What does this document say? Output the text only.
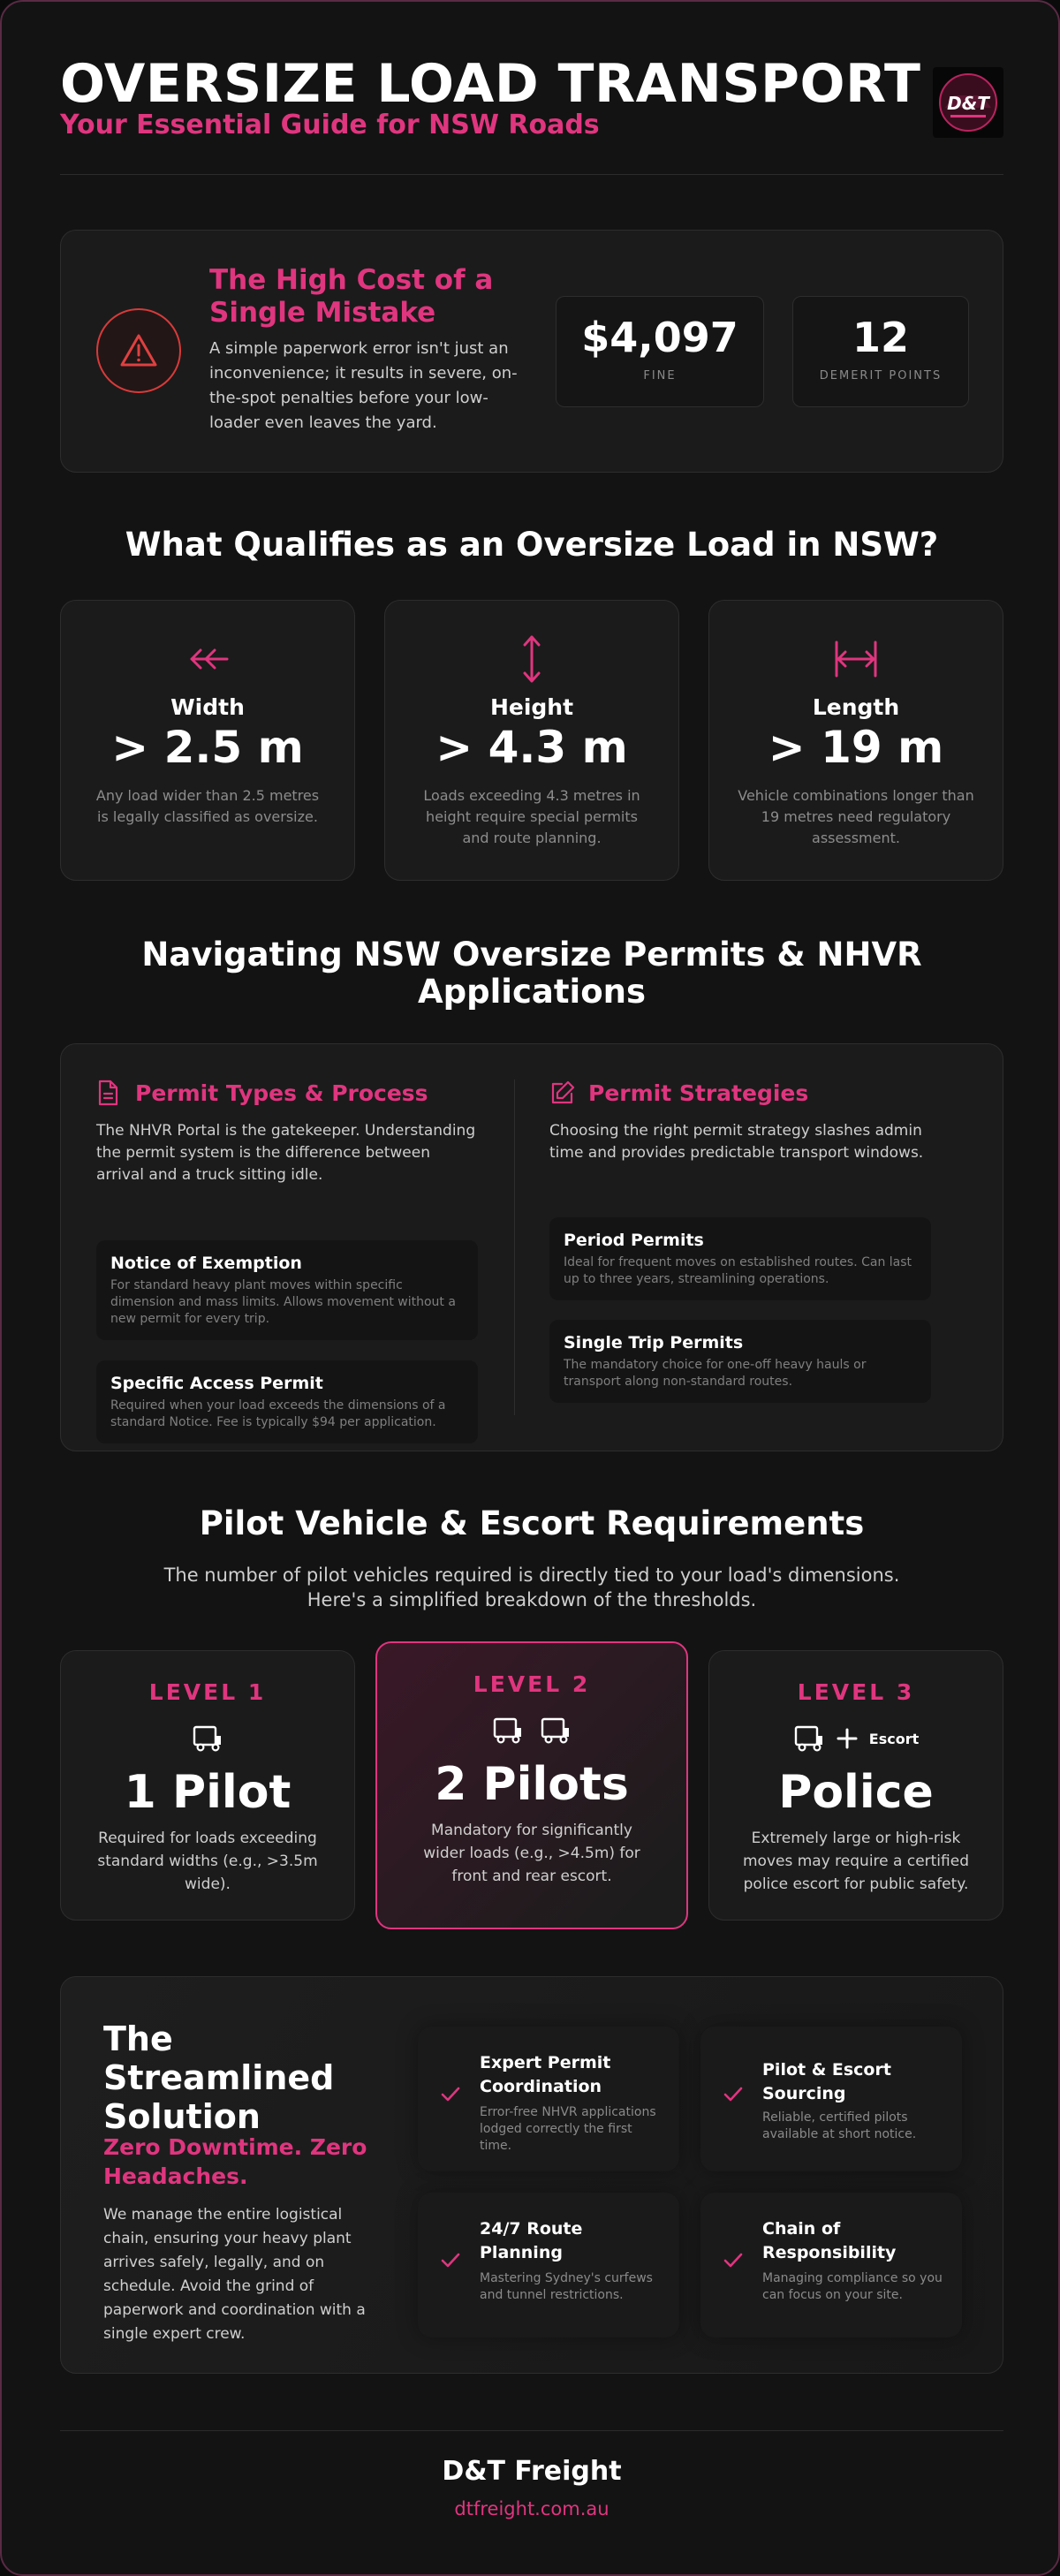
OVERSIZE LOAD TRANSPORT
Your Essential Guide for NSW Roads
D&T
The High Cost of a Single Mistake
A simple paperwork error isn't just an inconvenience; it results in severe, on-the-spot penalties before your low-loader even leaves the yard.
$4,097
FINE
12
DEMERIT POINTS
What Qualifies as an Oversize Load in NSW?
Width
> 2.5 m
Any load wider than 2.5 metres is legally classified as oversize.
Height
> 4.3 m
Loads exceeding 4.3 metres in height require special permits and route planning.
Length
> 19 m
Vehicle combinations longer than 19 metres need regulatory assessment.
Navigating NSW Oversize Permits & NHVR Applications
Permit Types & Process
The NHVR Portal is the gatekeeper. Understanding the permit system is the difference between arrival and a truck sitting idle.
Notice of Exemption
For standard heavy plant moves within specific dimension and mass limits. Allows movement without a new permit for every trip.
Specific Access Permit
Required when your load exceeds the dimensions of a standard Notice. Fee is typically $94 per application.
Permit Strategies
Choosing the right permit strategy slashes admin time and provides predictable transport windows.
Period Permits
Ideal for frequent moves on established routes. Can last up to three years, streamlining operations.
Single Trip Permits
The mandatory choice for one-off heavy hauls or transport along non-standard routes.
Pilot Vehicle & Escort Requirements
The number of pilot vehicles required is directly tied to your load's dimensions. Here's a simplified breakdown of the thresholds.
LEVEL 1
1 Pilot
Required for loads exceeding standard widths (e.g., >3.5m wide).
LEVEL 2
2 Pilots
Mandatory for significantly wider loads (e.g., >4.5m) for front and rear escort.
LEVEL 3
Escort
Police
Extremely large or high-risk moves may require a certified police escort for public safety.
The Streamlined Solution
Zero Downtime. Zero Headaches.
We manage the entire logistical chain, ensuring your heavy plant arrives safely, legally, and on schedule. Avoid the grind of paperwork and coordination with a single expert crew.
Expert Permit Coordination
Error-free NHVR applications lodged correctly the first time.
Pilot & Escort Sourcing
Reliable, certified pilots available at short notice.
24/7 Route Planning
Mastering Sydney's curfews and tunnel restrictions.
Chain of Responsibility
Managing compliance so you can focus on your site.
D&T Freight
dtfreight.com.au
